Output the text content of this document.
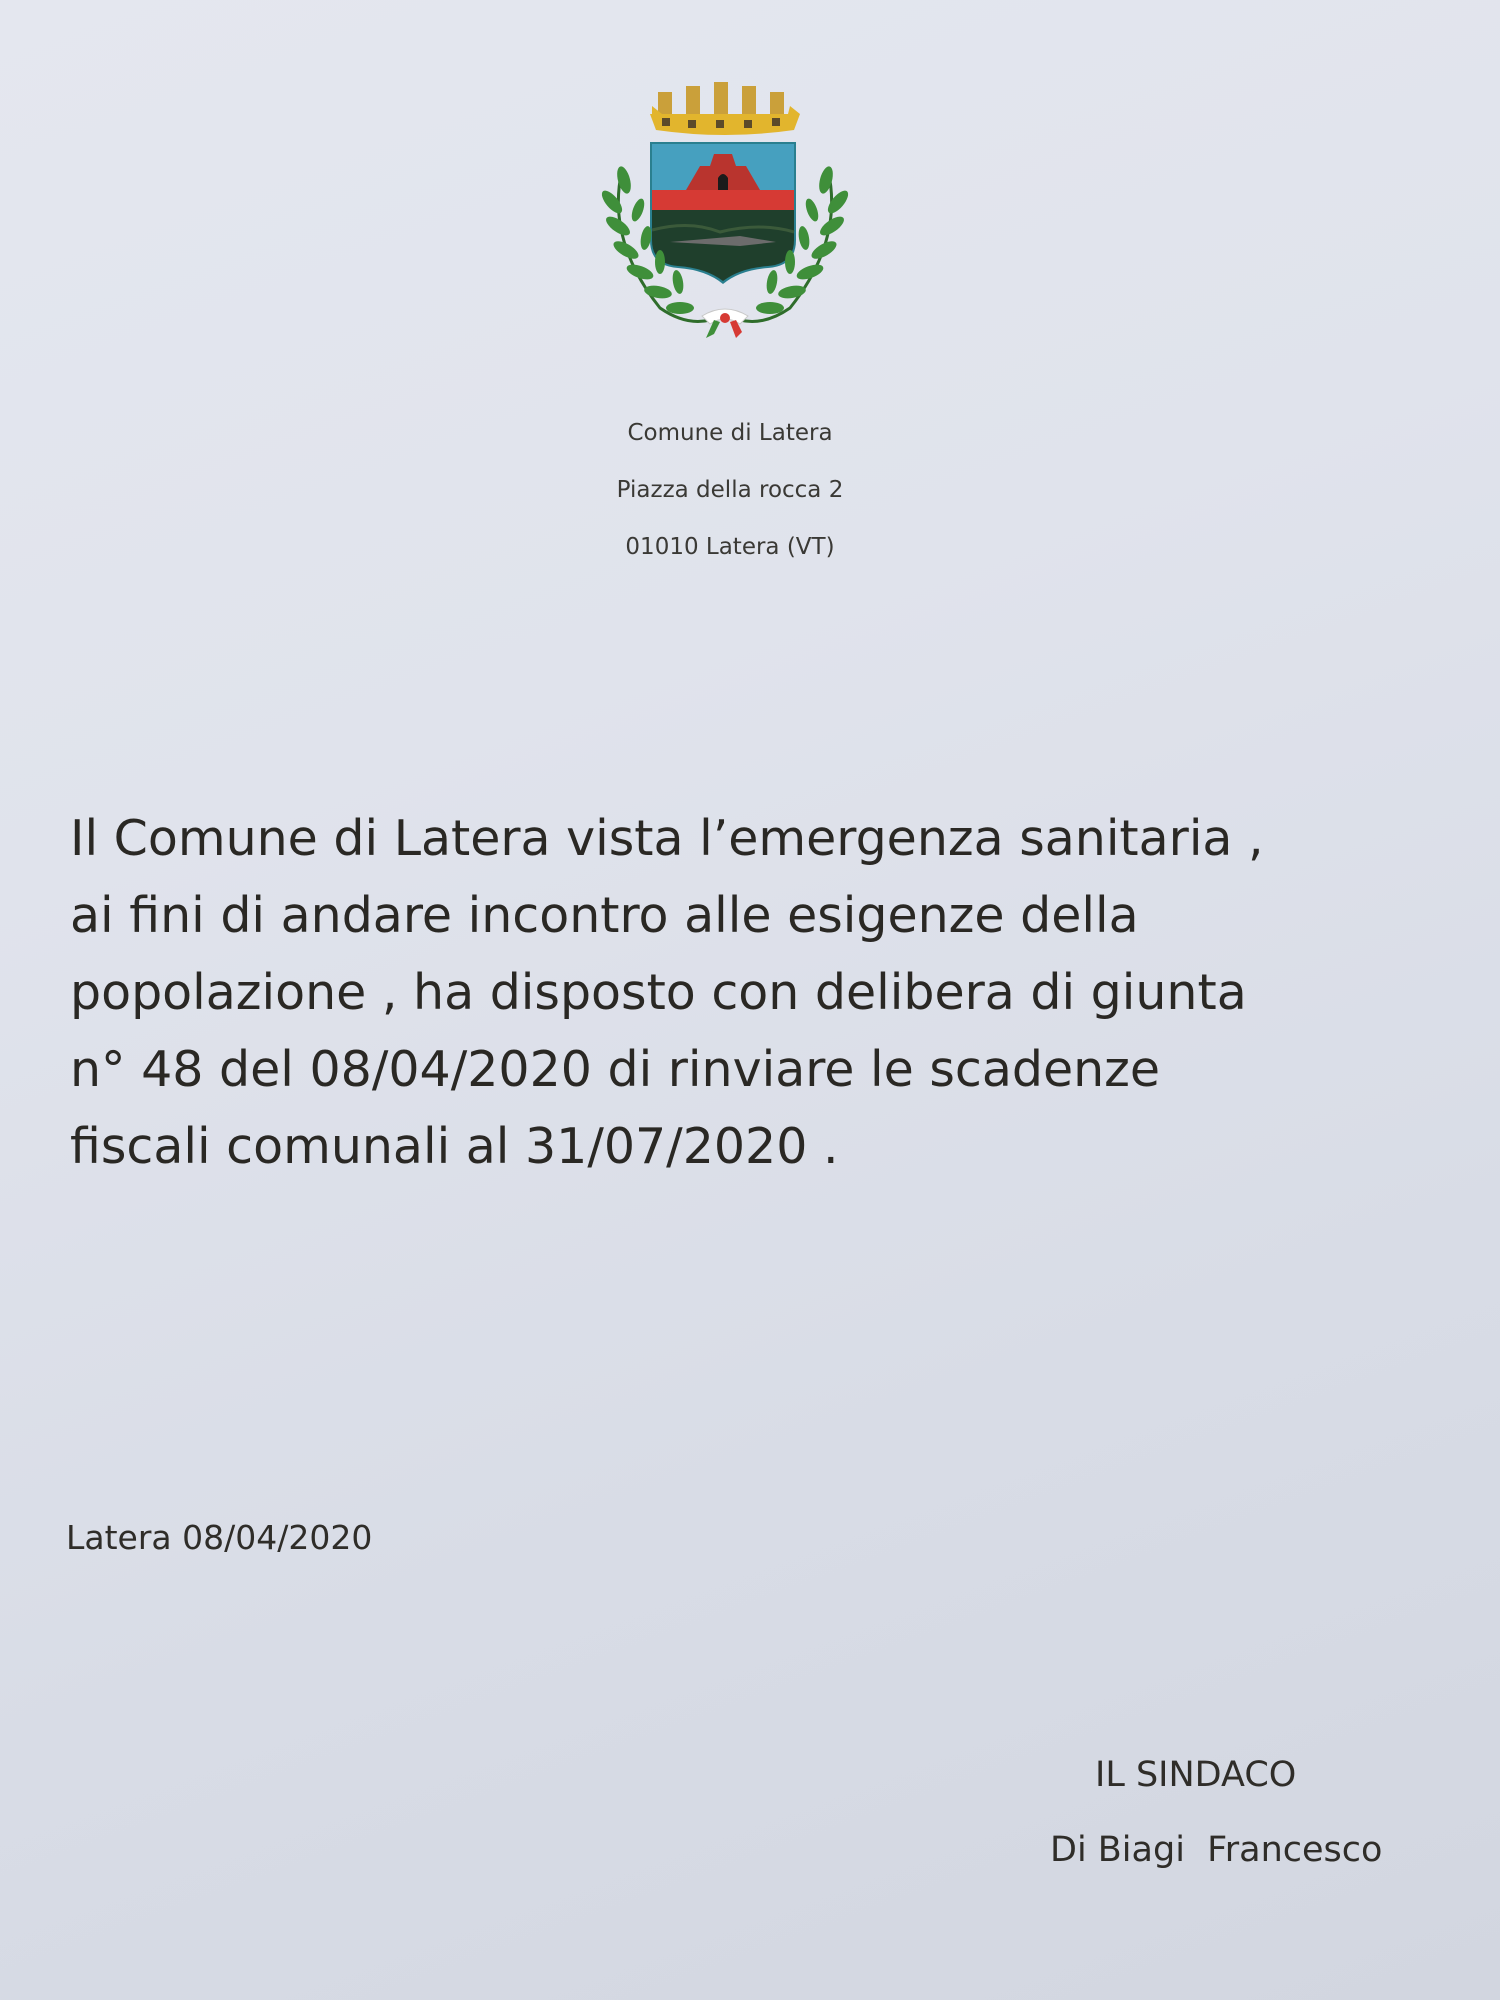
Comune di Latera
Piazza della rocca 2
01010 Latera (VT)
Il Comune di Latera vista l’emergenza sanitaria ,
ai fini di andare incontro alle esigenze della
popolazione , ha disposto con delibera di giunta
n° 48 del 08/04/2020 di rinviare le scadenze
fiscali comunali al 31/07/2020 .
Latera 08/04/2020
IL SINDACO
Di Biagi  Francesco
